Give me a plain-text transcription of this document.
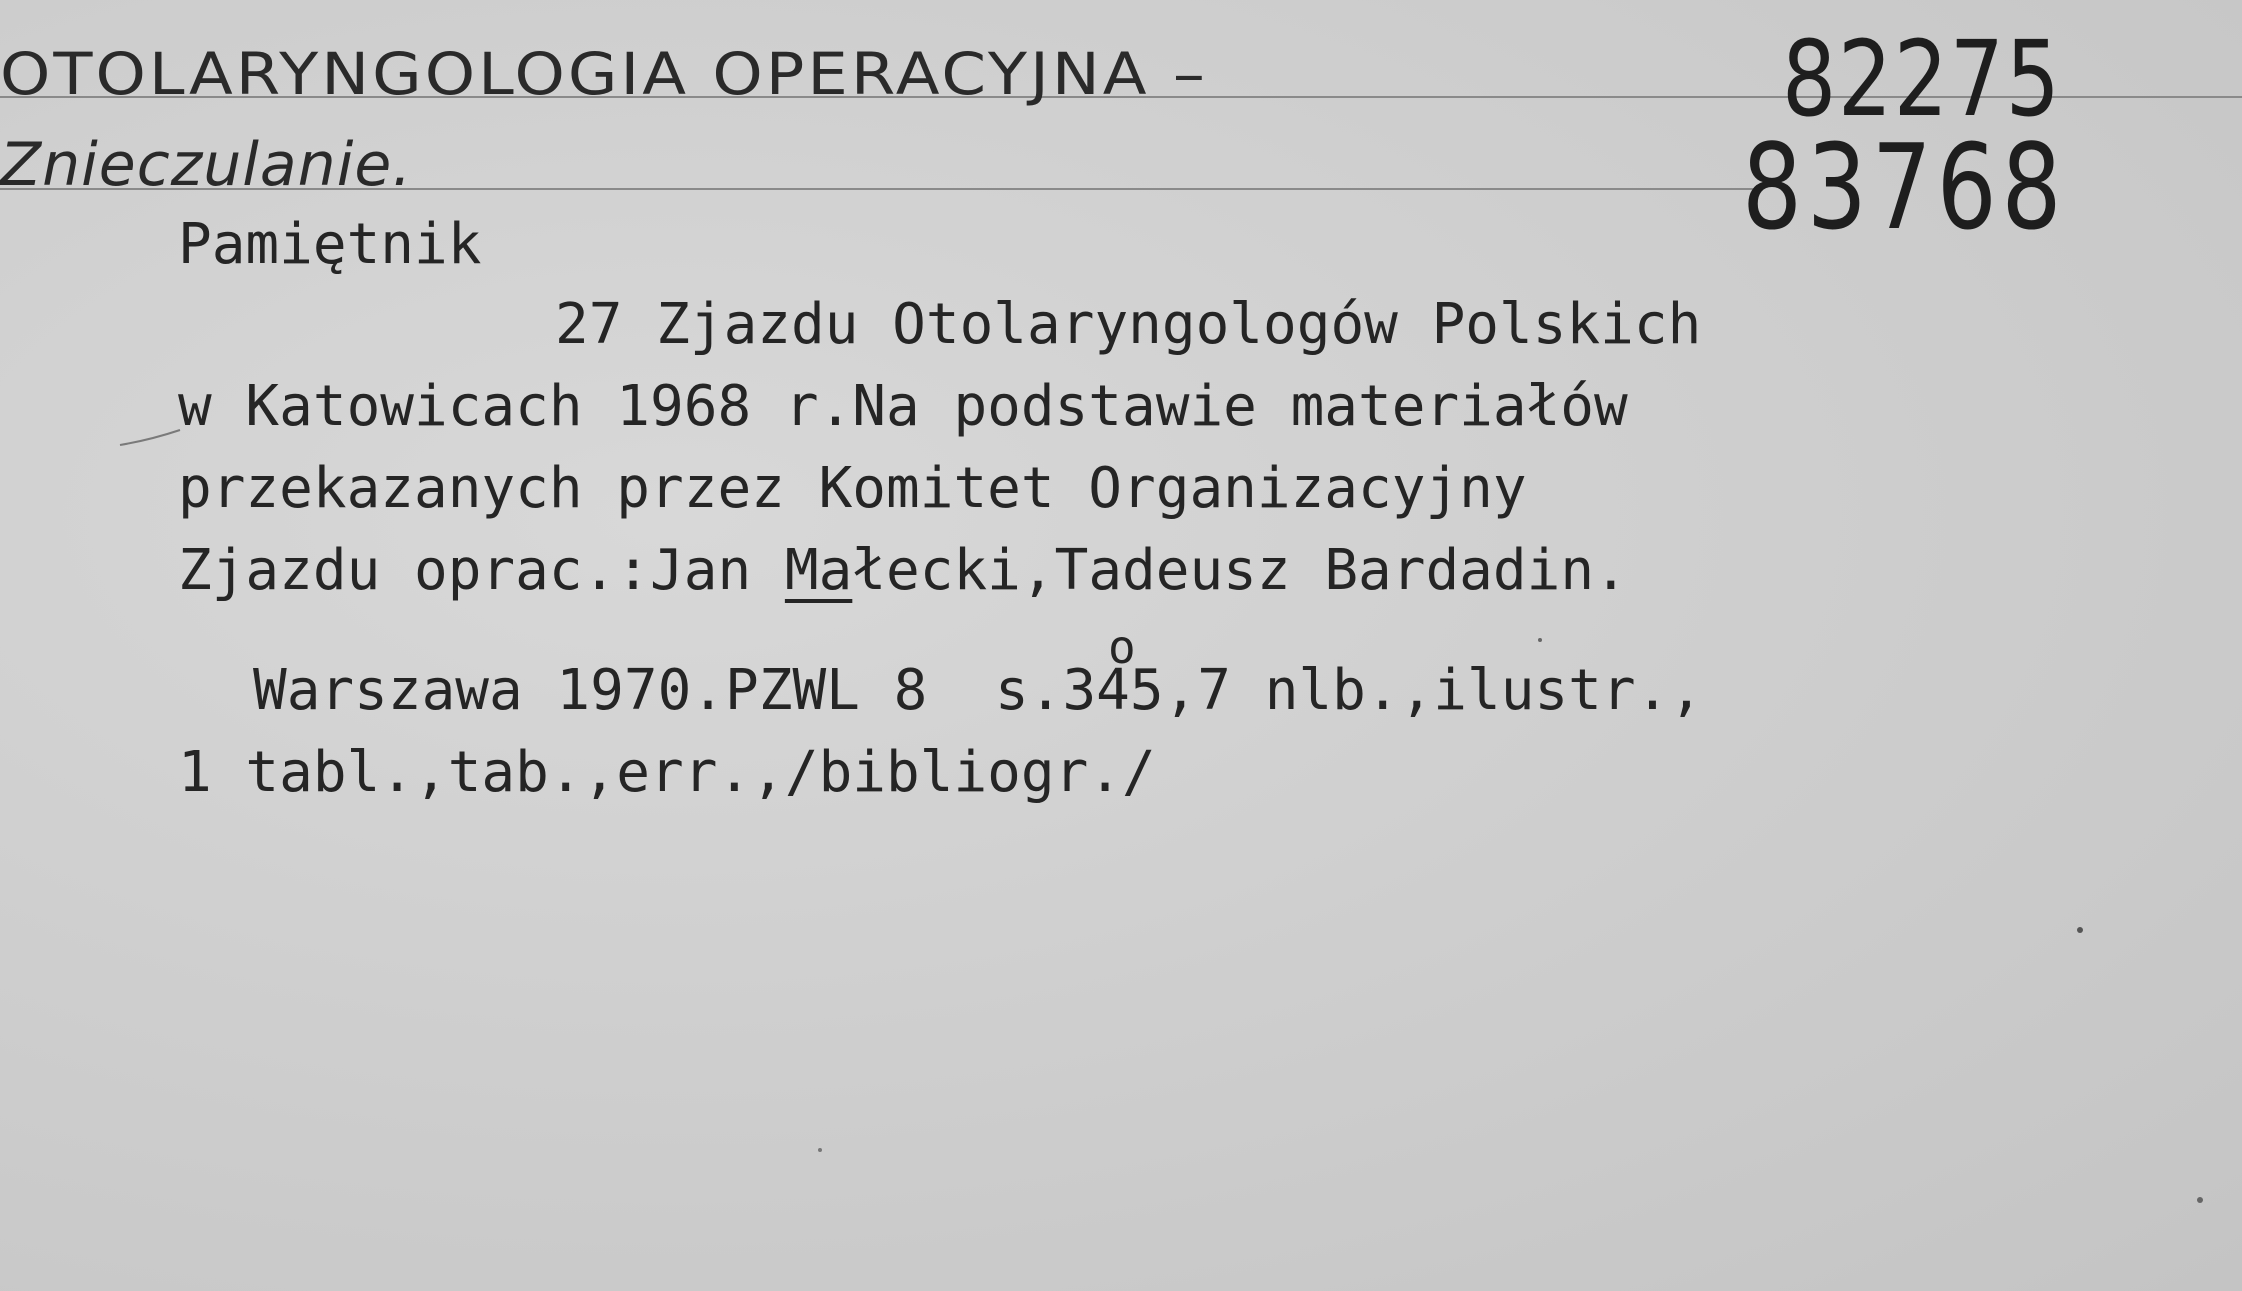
OTOLARYNGOLOGIA OPERACYJNA –
Znieczulanie.
82275
83768
Pamiętnik
27 Zjazdu Otolaryngologów Polskich
w Katowicach 1968 r.Na podstawie materiałów
przekazanych przez Komitet Organizacyjny
Zjazdu oprac.:Jan Małecki,Tadeusz Bardadin.
Warszawa 1970.PZWL 8 s.345,7 nlb.,ilustr.,
o
1 tabl.,tab.,err.,/bibliogr./
